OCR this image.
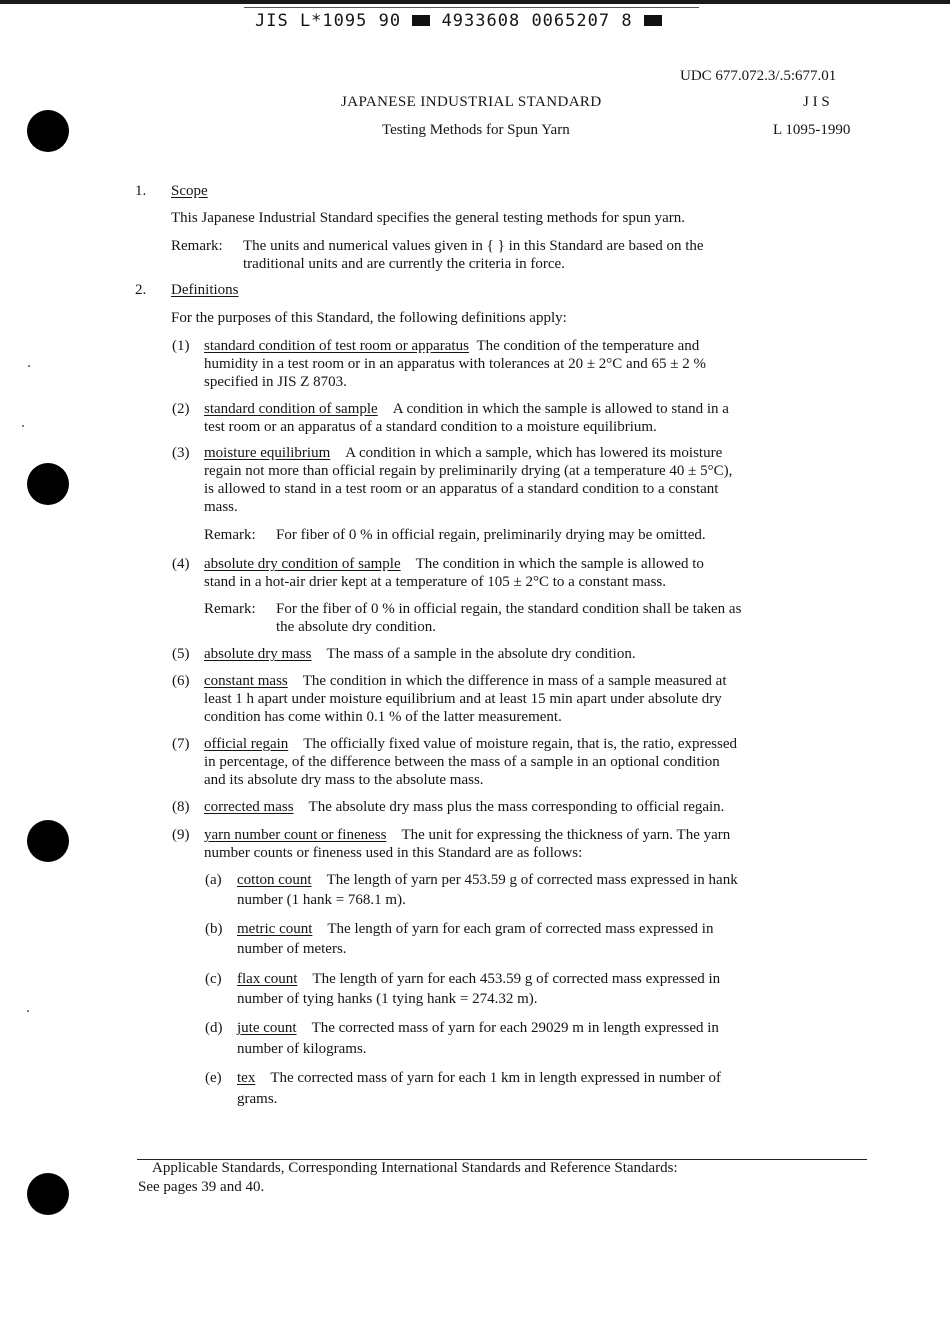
JIS L*1095 90 4933608 0065207 8
UDC 677.072.3/.5:677.01
JAPANESE INDUSTRIAL STANDARD	J I S
Testing Methods for Spun Yarn	L 1095-1990
1. Scope
This Japanese Industrial Standard specifies the general testing methods for spun yarn.
Remark: The units and numerical values given in { } in this Standard are based on the
traditional units and are currently the criteria in force.
2. Definitions
For the purposes of this Standard, the following definitions apply:
(1) standard condition of test room or apparatus The condition of the temperature and

humidity in a test room or in an apparatus with tolerances at 20 ± 2°C and 65 ± 2 %
specified in JIS Z 8703.
(2) standard condition of sample A condition in which the sample is allowed to stand in a

test room or an apparatus of a standard condition to a moisture equilibrium.
(3) moisture equilibrium A condition in which a sample, which has lowered its moisture

regain not more than official regain by preliminarily drying (at a temperature 40 ± 5°C),
is allowed to stand in a test room or an apparatus of a standard condition to a constant
mass.
Remark: For fiber of 0 % in official regain, preliminarily drying may be omitted.
(4) absolute dry condition of sample The condition in which the sample is allowed to

stand in a hot-air drier kept at a temperature of 105 ± 2°C to a constant mass.
Remark: For the fiber of 0 % in official regain, the standard condition shall be taken as
the absolute dry condition.
(5) absolute dry mass The mass of a sample in the absolute dry condition.

(6) constant mass The condition in which the difference in mass of a sample measured at

least 1 h apart under moisture equilibrium and at least 15 min apart under absolute dry
condition has come within 0.1 % of the latter measurement.
(7) official regain The officially fixed value of moisture regain, that is, the ratio, expressed

in percentage, of the difference between the mass of a sample in an optional condition
and its absolute dry mass to the absolute mass.
(8) corrected mass The absolute dry mass plus the mass corresponding to official regain.

(9) yarn number count or fineness The unit for expressing the thickness of yarn. The yarn

number counts or fineness used in this Standard are as follows:
(a) cotton count The length of yarn per 453.59 g of corrected mass expressed in hank

number (1 hank = 768.1 m).
(b) metric count The length of yarn for each gram of corrected mass expressed in

number of meters.
(c) flax count The length of yarn for each 453.59 g of corrected mass expressed in

number of tying hanks (1 tying hank = 274.32 m).
(d) jute count The corrected mass of yarn for each 29029 m in length expressed in

number of kilograms.
(e) tex The corrected mass of yarn for each 1 km in length expressed in number of

grams.
Applicable Standards, Corresponding International Standards and Reference Standards:
See pages 39 and 40.
